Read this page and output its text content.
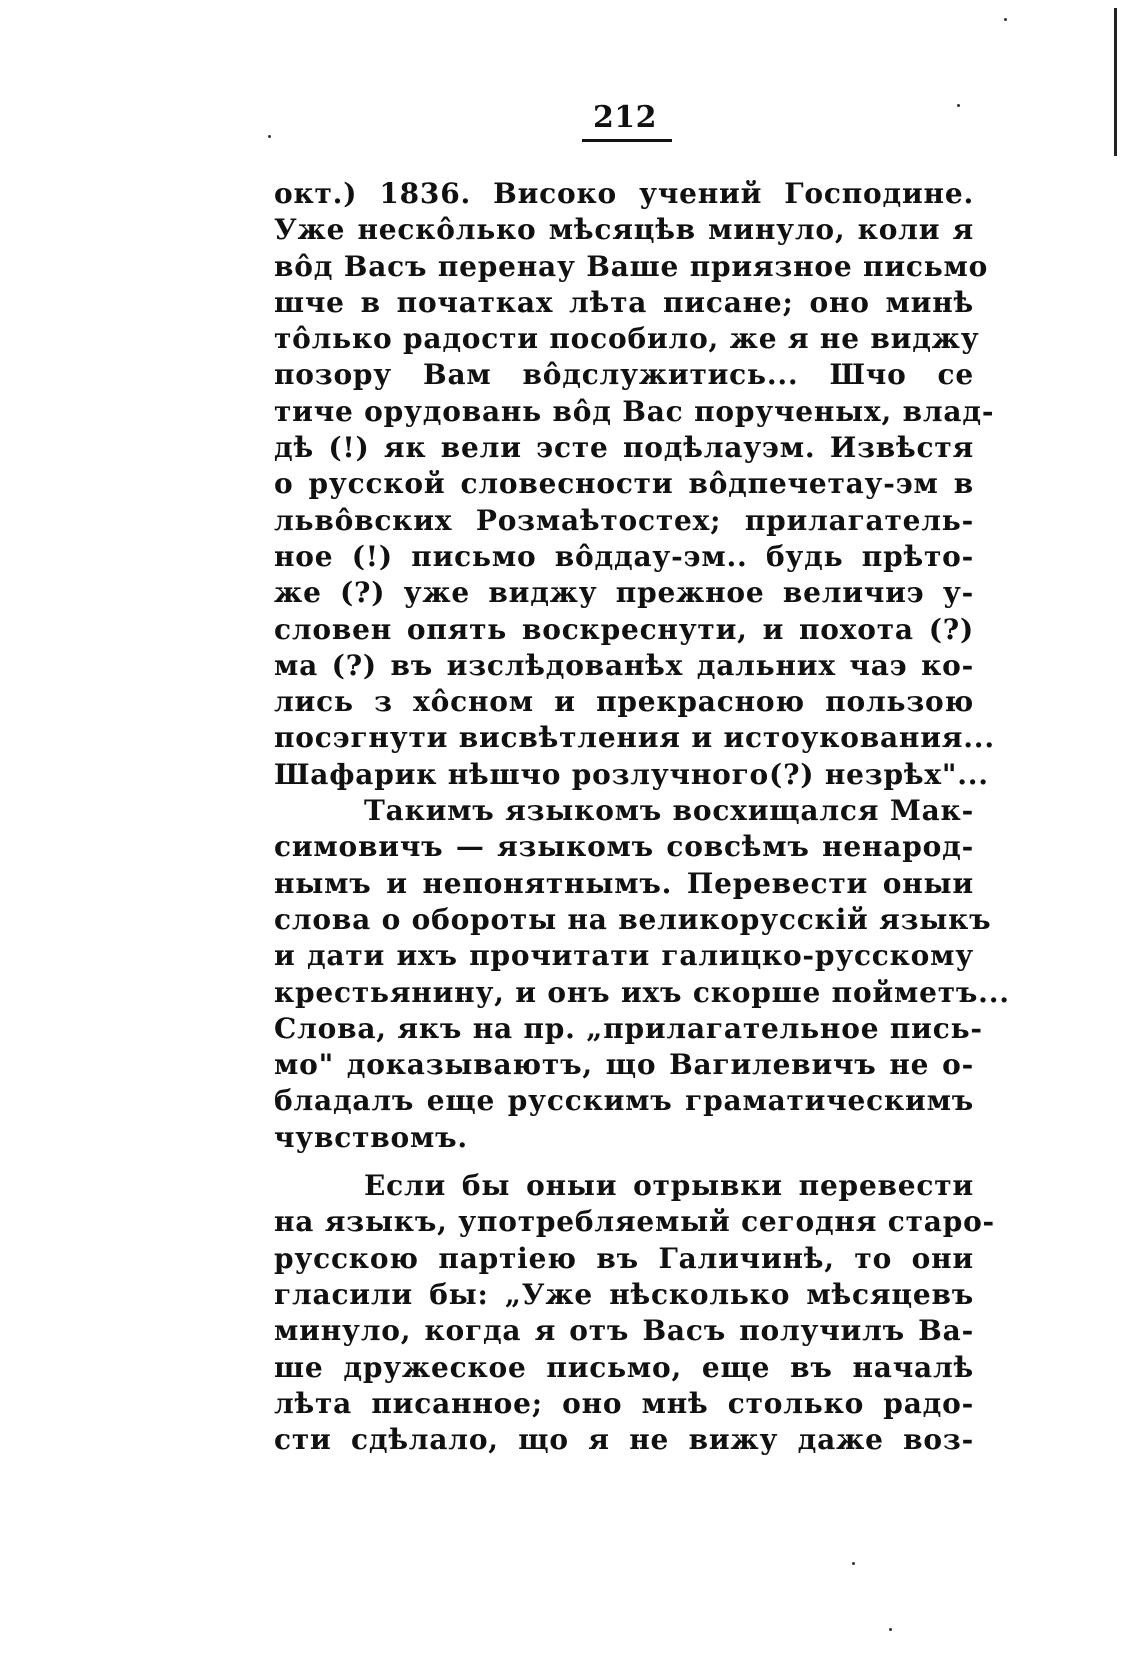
212
окт.) 1836. Високо учений Господине.
Уже нескôлько мѣсяцѣв минуло, коли я
вôд Васъ перенау Ваше приязное письмо
шче в початках лѣта писане; оно минѣ
тôлько радости пособило, же я не виджу
позору Вам вôдслужитись... Шчо се
тиче орудовань вôд Вас порученых, влад-
дѣ (!) як вели эсте подѣлауэм. Извѣстя
о русской словесности вôдпечетау-эм в
львôвских Розмаѣтостех; прилагатель-
ное (!) письмо вôддау-эм.. будь прѣто-
же (?) уже виджу прежное величиэ у-
словен опять воскреснути, и похота (?)
ма (?) въ изслѣдованѣх дальних чаэ ко-
лись з хôсном и прекрасною пользою
посэгнути висвѣтления и истоукования...
Шафарик нѣшчо розлучного(?) незрѣх"...
Такимъ языкомъ восхищался Мак-
симовичъ — языкомъ совсѣмъ ненарод-
нымъ и непонятнымъ. Перевести оныи
слова о обороты на великорусскій языкъ
и дати ихъ прочитати галицко-русскому
крестьянину, и онъ ихъ скорше пойметъ...
Слова, якъ на пр. „прилагательное пись-
мо" доказываютъ, що Вагилевичъ не о-
бладалъ еще русскимъ граматическимъ
чувствомъ.
Если бы оныи отрывки перевести
на языкъ, употребляемый сегодня старо-
русскою партіею въ Галичинѣ, то они
гласили бы: „Уже нѣсколько мѣсяцевъ
минуло, когда я отъ Васъ получилъ Ва-
ше дружеское письмо, еще въ началѣ
лѣта писанное; оно мнѣ столько радо-
сти сдѣлало, що я не вижу даже воз-
